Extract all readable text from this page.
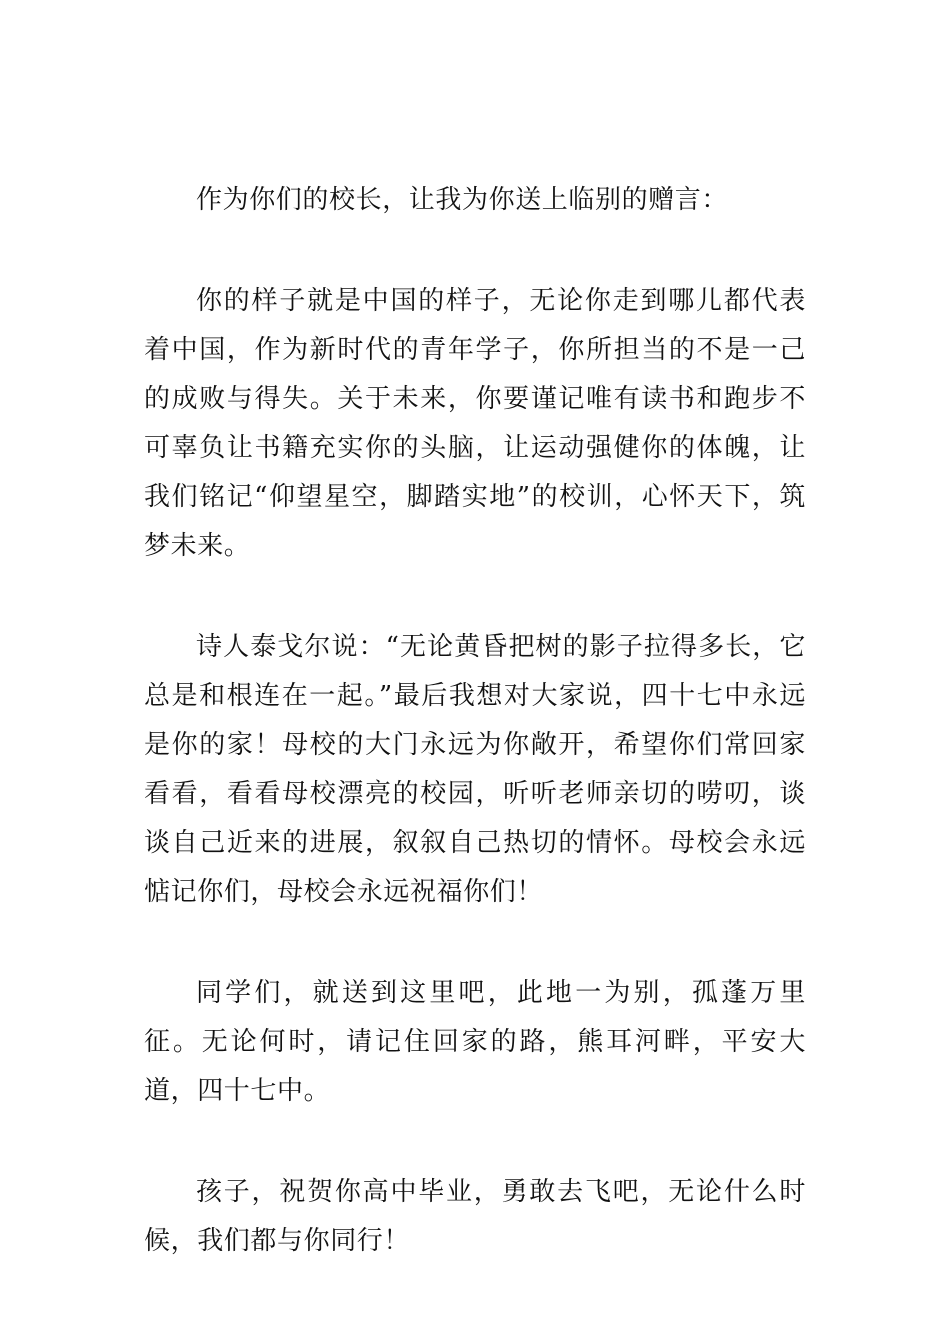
作为你们的校长，让我为你送上临别的赠言：

你的样子就是中国的样子，无论你走到哪儿都代表着中国，作为新时代的青年学子，你所担当的不是一己的成败与得失。关于未来，你要谨记唯有读书和跑步不可辜负让书籍充实你的头脑，让运动强健你的体魄，让我们铭记“仰望星空，脚踏实地”的校训，心怀天下，筑梦未来。

诗人泰戈尔说：“无论黄昏把树的影子拉得多长，它总是和根连在一起。”最后我想对大家说，四十七中永远是你的家！母校的大门永远为你敞开，希望你们常回家看看，看看母校漂亮的校园，听听老师亲切的唠叨，谈谈自己近来的进展，叙叙自己热切的情怀。母校会永远惦记你们，母校会永远祝福你们！

同学们，就送到这里吧，此地一为别，孤蓬万里征。无论何时，请记住回家的路，熊耳河畔，平安大道，四十七中。

孩子，祝贺你高中毕业，勇敢去飞吧，无论什么时候，我们都与你同行！
